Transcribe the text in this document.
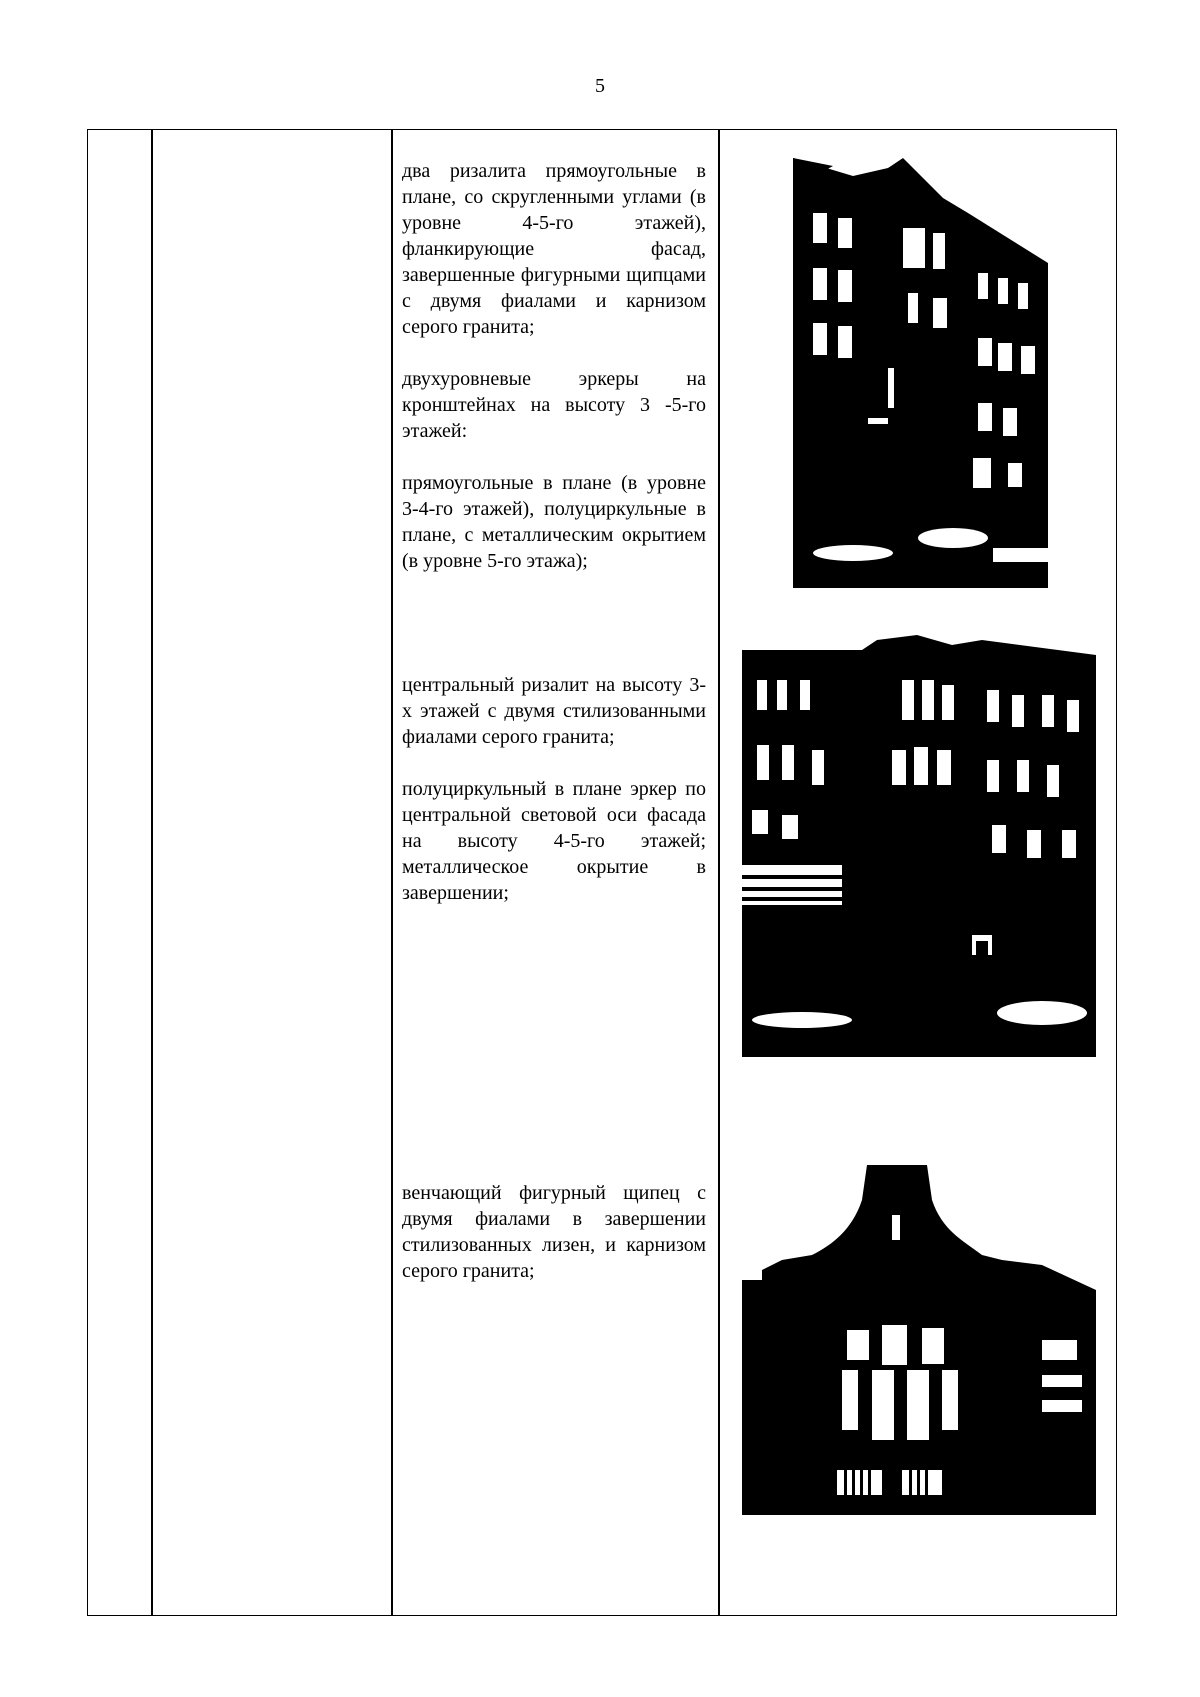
5

два ризалита прямоугольные в плане, со скругленными углами (в уровне 4-5-го этажей), фланкирующие фасад, завершенные фигурными щипцами с двумя фиалами и карнизом серого гранита;

двухуровневые эркеры на кронштейнах на высоту 3 -5-го этажей:

прямоугольные в плане (в уровне 3-4-го этажей), полуциркульные в плане, с металлическим окрытием (в уровне 5-го этажа);

центральный ризалит на высоту 3-х этажей с двумя стилизованными фиалами серого гранита;

полуциркульный в плане эркер по центральной световой оси фасада на высоту 4-5-го этажей; металлическое окрытие в завершении;

венчающий фигурный щипец с двумя фиалами в завершении стилизованных лизен, и карнизом серого гранита;
